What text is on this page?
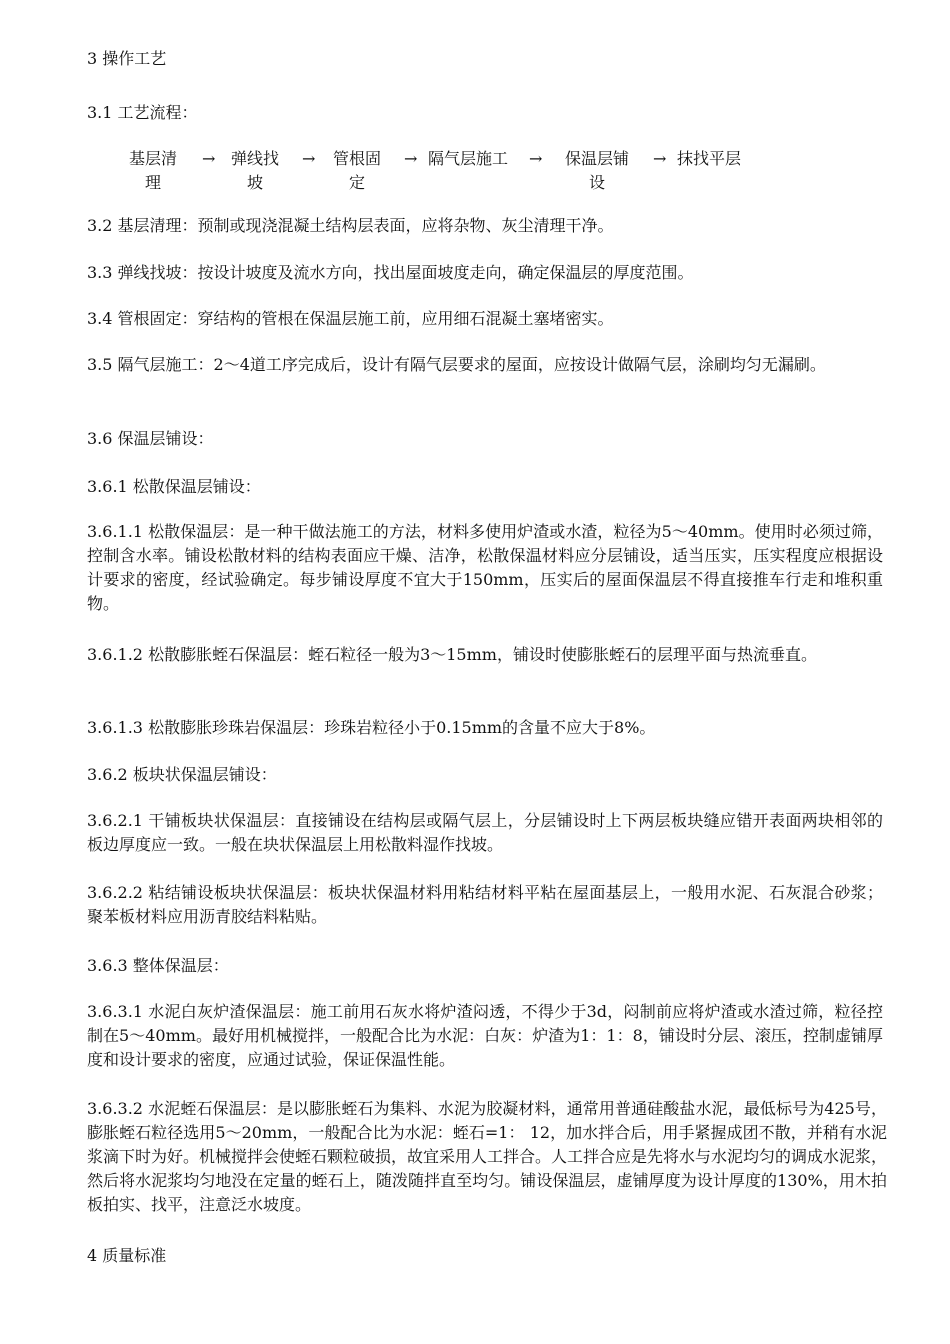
3 操作工艺

3.1 工艺流程：

基层清
理
→ 弹线找
坡
→ 管根固
定
→ 隔气层施工 → 保温层铺
设
→ 抹找平层

3.2 基层清理：预制或现浇混凝土结构层表面，应将杂物、灰尘清理干净。

3.3 弹线找坡：按设计坡度及流水方向，找出屋面坡度走向，确定保温层的厚度范围。

3.4 管根固定：穿结构的管根在保温层施工前，应用细石混凝土塞堵密实。

3.5 隔气层施工：2～4道工序完成后，设计有隔气层要求的屋面，应按设计做隔气层，涂刷均匀无漏刷。

3.6 保温层铺设：

3.6.1 松散保温层铺设：

3.6.1.1 松散保温层：是一种干做法施工的方法，材料多使用炉渣或水渣，粒径为5～40mm。使用时必须过筛，控制含水率。铺设松散材料的结构表面应干燥、洁净，松散保温材料应分层铺设，适当压实，压实程度应根据设计要求的密度，经试验确定。每步铺设厚度不宜大于150mm，压实后的屋面保温层不得直接推车行走和堆积重物。

3.6.1.2 松散膨胀蛭石保温层：蛭石粒径一般为3～15mm，铺设时使膨胀蛭石的层理平面与热流垂直。

3.6.1.3 松散膨胀珍珠岩保温层：珍珠岩粒径小于0.15mm的含量不应大于8%。

3.6.2 板块状保温层铺设：

3.6.2.1 干铺板块状保温层：直接铺设在结构层或隔气层上，分层铺设时上下两层板块缝应错开表面两块相邻的板边厚度应一致。一般在块状保温层上用松散料湿作找坡。

3.6.2.2 粘结铺设板块状保温层：板块状保温材料用粘结材料平粘在屋面基层上，一般用水泥、石灰混合砂浆；聚苯板材料应用沥青胶结料粘贴。

3.6.3 整体保温层：

3.6.3.1 水泥白灰炉渣保温层：施工前用石灰水将炉渣闷透，不得少于3d，闷制前应将炉渣或水渣过筛，粒径控制在5～40mm。最好用机械搅拌，一般配合比为水泥：白灰：炉渣为1：1：8，铺设时分层、滚压，控制虚铺厚度和设计要求的密度，应通过试验，保证保温性能。

3.6.3.2 水泥蛭石保温层：是以膨胀蛭石为集料、水泥为胶凝材料，通常用普通硅酸盐水泥，最低标号为425号，膨胀蛭石粒径选用5～20mm，一般配合比为水泥：蛭石=1： 12，加水拌合后，用手紧握成团不散，并稍有水泥浆滴下时为好。机械搅拌会使蛭石颗粒破损，故宜采用人工拌合。人工拌合应是先将水与水泥均匀的调成水泥浆，然后将水泥浆均匀地没在定量的蛭石上，随泼随拌直至均匀。铺设保温层，虚铺厚度为设计厚度的130%，用木拍板拍实、找平，注意泛水坡度。

4 质量标准
